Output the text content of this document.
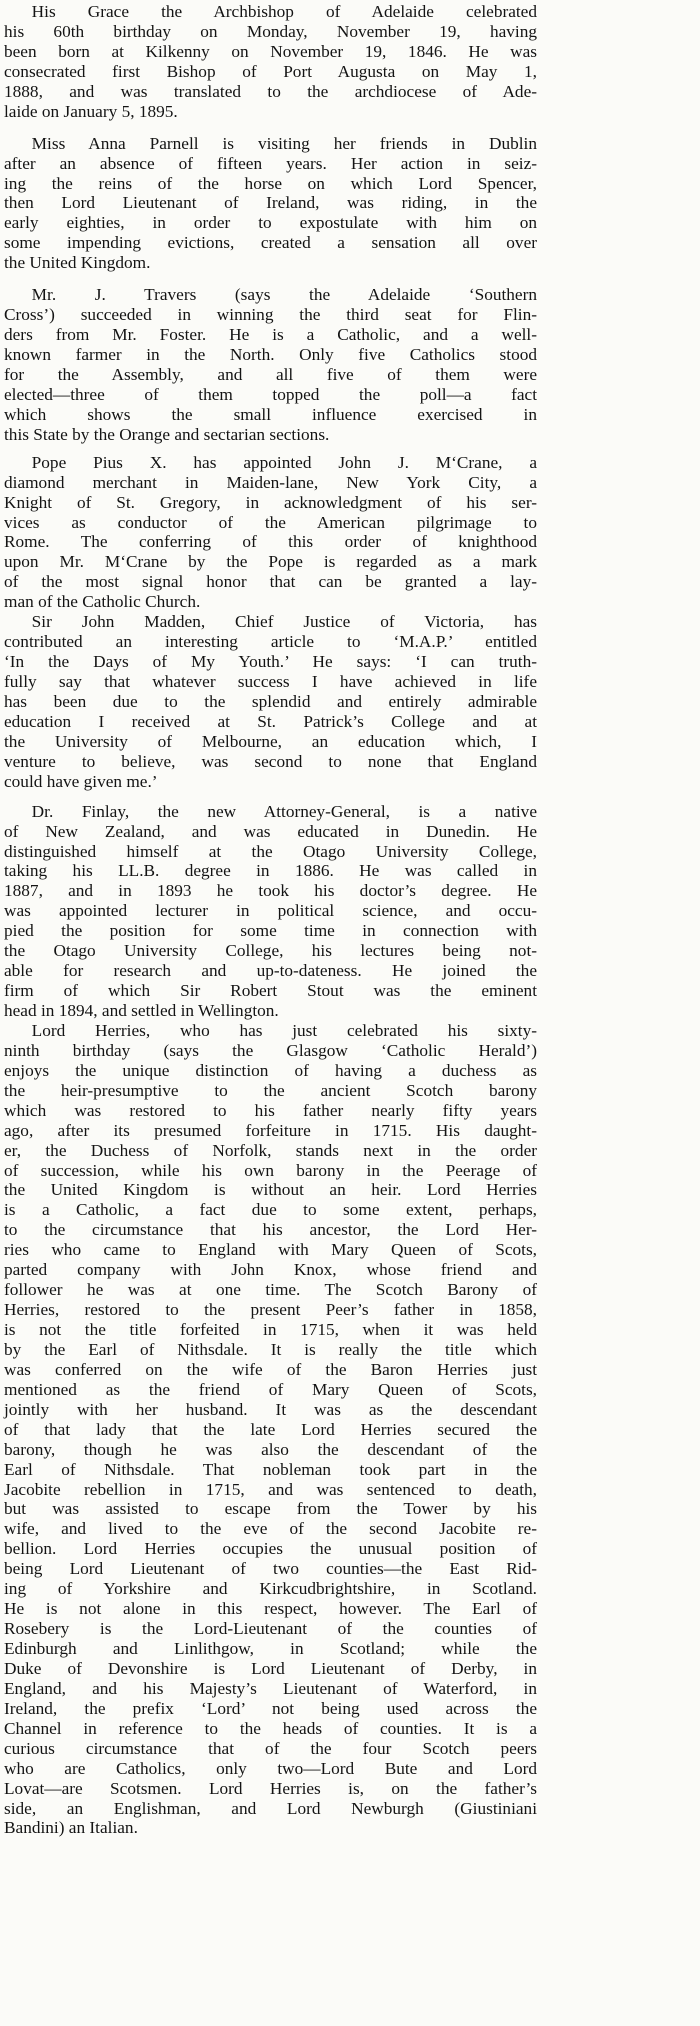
His Grace the Archbishop of Adelaide celebrated
his 60th birthday on Monday, November 19, having
been born at Kilkenny on November 19, 1846. He was
consecrated first Bishop of Port Augusta on May 1,
1888, and was translated to the archdiocese of Ade-
laide on January 5, 1895.

Miss Anna Parnell is visiting her friends in Dublin
after an absence of fifteen years. Her action in seiz-
ing the reins of the horse on which Lord Spencer,
then Lord Lieutenant of Ireland, was riding, in the
early eighties, in order to expostulate with him on
some impending evictions, created a sensation all over
the United Kingdom.

Mr. J. Travers (says the Adelaide ‘Southern
Cross’) succeeded in winning the third seat for Flin-
ders from Mr. Foster. He is a Catholic, and a well-
known farmer in the North. Only five Catholics stood
for the Assembly, and all five of them were
elected—three of them topped the poll—a fact
which shows the small influence exercised in
this State by the Orange and sectarian sections.

Pope Pius X. has appointed John J. M‘Crane, a
diamond merchant in Maiden-lane, New York City, a
Knight of St. Gregory, in acknowledgment of his ser-
vices as conductor of the American pilgrimage to
Rome. The conferring of this order of knighthood
upon Mr. M‘Crane by the Pope is regarded as a mark
of the most signal honor that can be granted a lay-
man of the Catholic Church.

Sir John Madden, Chief Justice of Victoria, has
contributed an interesting article to ‘M.A.P.’ entitled
‘In the Days of My Youth.’ He says: ‘I can truth-
fully say that whatever success I have achieved in life
has been due to the splendid and entirely admirable
education I received at St. Patrick’s College and at
the University of Melbourne, an education which, I
venture to believe, was second to none that England
could have given me.’

Dr. Finlay, the new Attorney-General, is a native
of New Zealand, and was educated in Dunedin. He
distinguished himself at the Otago University College,
taking his LL.B. degree in 1886. He was called in
1887, and in 1893 he took his doctor’s degree. He
was appointed lecturer in political science, and occu-
pied the position for some time in connection with
the Otago University College, his lectures being not-
able for research and up-to-dateness. He joined the
firm of which Sir Robert Stout was the eminent
head in 1894, and settled in Wellington.

Lord Herries, who has just celebrated his sixty-
ninth birthday (says the Glasgow ‘Catholic Herald’)
enjoys the unique distinction of having a duchess as
the heir-presumptive to the ancient Scotch barony
which was restored to his father nearly fifty years
ago, after its presumed forfeiture in 1715. His daught-
er, the Duchess of Norfolk, stands next in the order
of succession, while his own barony in the Peerage of
the United Kingdom is without an heir. Lord Herries
is a Catholic, a fact due to some extent, perhaps,
to the circumstance that his ancestor, the Lord Her-
ries who came to England with Mary Queen of Scots,
parted company with John Knox, whose friend and
follower he was at one time. The Scotch Barony of
Herries, restored to the present Peer’s father in 1858,
is not the title forfeited in 1715, when it was held
by the Earl of Nithsdale. It is really the title which
was conferred on the wife of the Baron Herries just
mentioned as the friend of Mary Queen of Scots,
jointly with her husband. It was as the descendant
of that lady that the late Lord Herries secured the
barony, though he was also the descendant of the
Earl of Nithsdale. That nobleman took part in the
Jacobite rebellion in 1715, and was sentenced to death,
but was assisted to escape from the Tower by his
wife, and lived to the eve of the second Jacobite re-
bellion. Lord Herries occupies the unusual position of
being Lord Lieutenant of two counties—the East Rid-
ing of Yorkshire and Kirkcudbrightshire, in Scotland.
He is not alone in this respect, however. The Earl of
Rosebery is the Lord-Lieutenant of the counties of
Edinburgh and Linlithgow, in Scotland; while the
Duke of Devonshire is Lord Lieutenant of Derby, in
England, and his Majesty’s Lieutenant of Waterford, in
Ireland, the prefix ‘Lord’ not being used across the
Channel in reference to the heads of counties. It is a
curious circumstance that of the four Scotch peers
who are Catholics, only two—Lord Bute and Lord
Lovat—are Scotsmen. Lord Herries is, on the father’s
side, an Englishman, and Lord Newburgh (Giustiniani
Bandini) an Italian.
